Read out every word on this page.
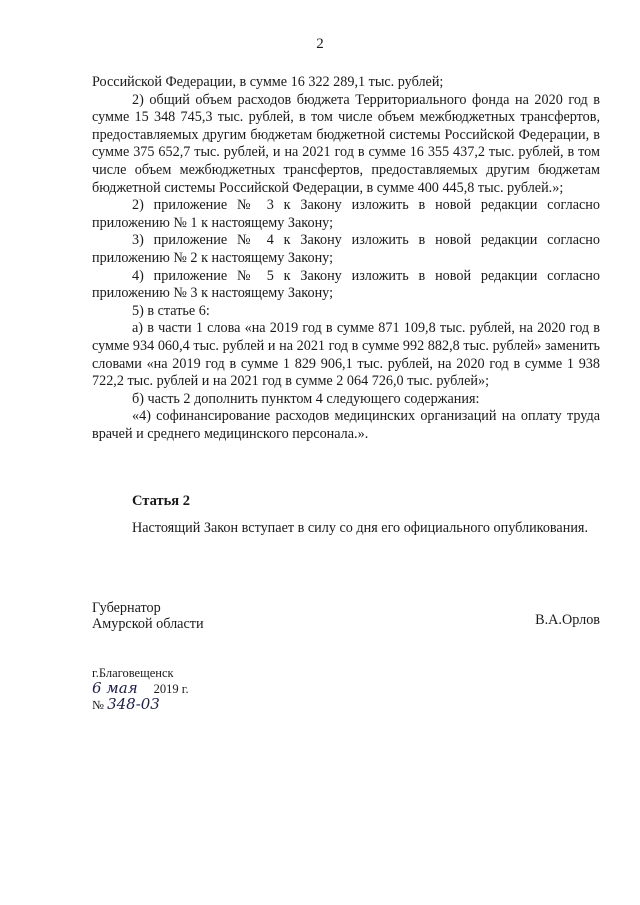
2

Российской Федерации, в сумме 16 322 289,1 тыс. рублей;

2) общий объем расходов бюджета Территориального фонда на 2020 год в сумме 15 348 745,3 тыс. рублей, в том числе объем межбюджетных трансфертов, предоставляемых другим бюджетам бюджетной системы Российской Федерации, в сумме 375 652,7 тыс. рублей, и на 2021 год в сумме 16 355 437,2 тыс. рублей, в том числе объем межбюджетных трансфертов, предоставляемых другим бюджетам бюджетной системы Российской Федерации, в сумме 400 445,8 тыс. рублей.»;

2) приложение № 3 к Закону изложить в новой редакции согласно приложению № 1 к настоящему Закону;

3) приложение № 4 к Закону изложить в новой редакции согласно приложению № 2 к настоящему Закону;

4) приложение № 5 к Закону изложить в новой редакции согласно приложению № 3 к настоящему Закону;

5) в статье 6:

а) в части 1 слова «на 2019 год в сумме 871 109,8 тыс. рублей, на 2020 год в сумме 934 060,4 тыс. рублей и на 2021 год в сумме 992 882,8 тыс. рублей» заменить словами «на 2019 год в сумме 1 829 906,1 тыс. рублей, на 2020 год в сумме 1 938 722,2 тыс. рублей и на 2021 год в сумме 2 064 726,0 тыс. рублей»;

б) часть 2 дополнить пунктом 4 следующего содержания:

«4) софинансирование расходов медицинских организаций на оплату труда врачей и среднего медицинского персонала.».

Статья 2

Настоящий Закон вступает в силу со дня его официального опубликования.

Губернатор
Амурской области	В.А.Орлов
г.Благовещенск
6 мая 2019 г.
№ 348-03
